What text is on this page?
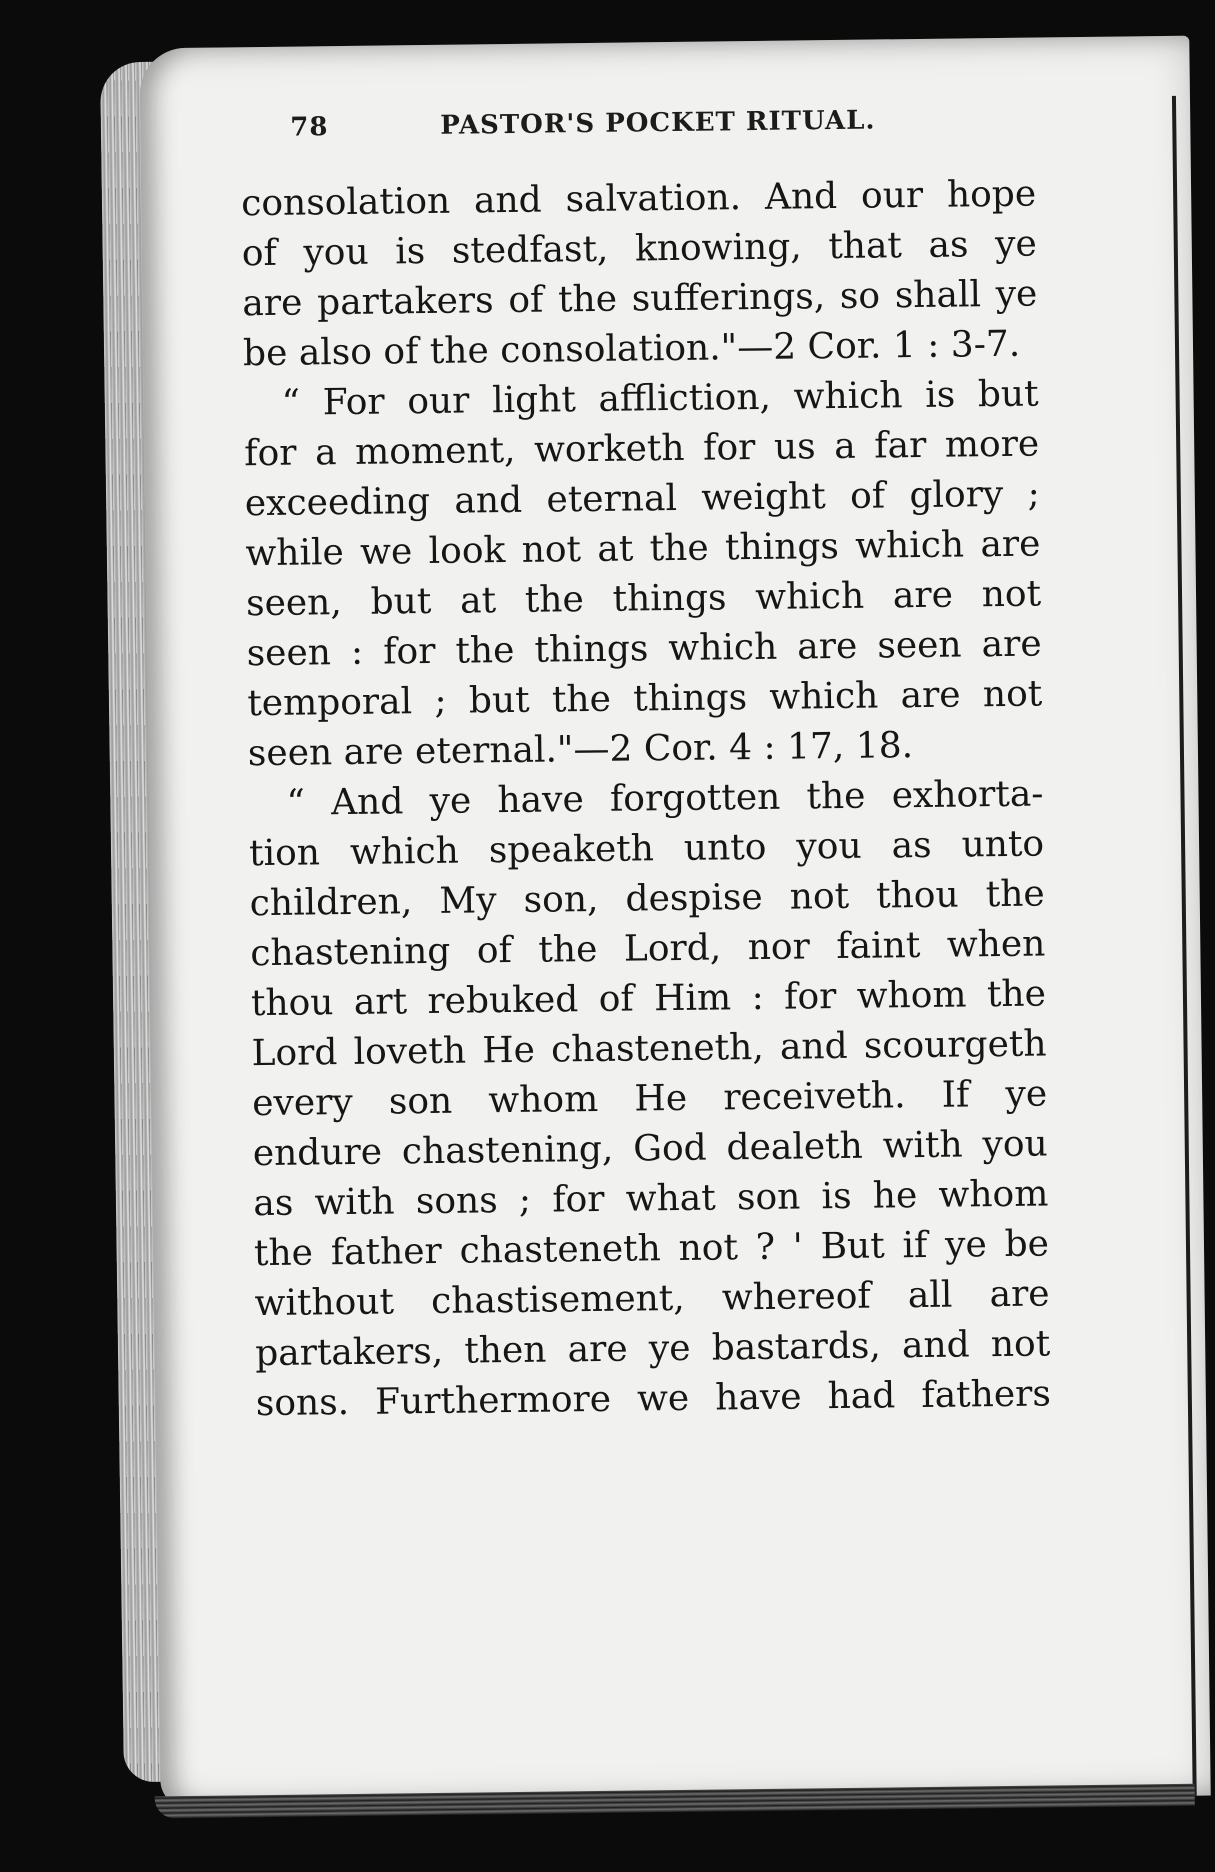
78	PASTOR'S POCKET RITUAL.
consolation and salvation. And our hope
of you is stedfast, knowing, that as ye
are partakers of the sufferings, so shall ye
be also of the consolation."—2 Cor. 1 : 3-7.
“ For our light affliction, which is but
for a moment, worketh for us a far more
exceeding and eternal weight of glory ;
while we look not at the things which are
seen, but at the things which are not
seen : for the things which are seen are
temporal ; but the things which are not
seen are eternal."—2 Cor. 4 : 17, 18.
“ And ye have forgotten the exhorta-
tion which speaketh unto you as unto
children, My son, despise not thou the
chastening of the Lord, nor faint when
thou art rebuked of Him : for whom the
Lord loveth He chasteneth, and scourgeth
every son whom He receiveth. If ye
endure chastening, God dealeth with you
as with sons ; for what son is he whom
the father chasteneth not ? ' But if ye be
without chastisement, whereof all are
partakers, then are ye bastards, and not
sons. Furthermore we have had fathers
